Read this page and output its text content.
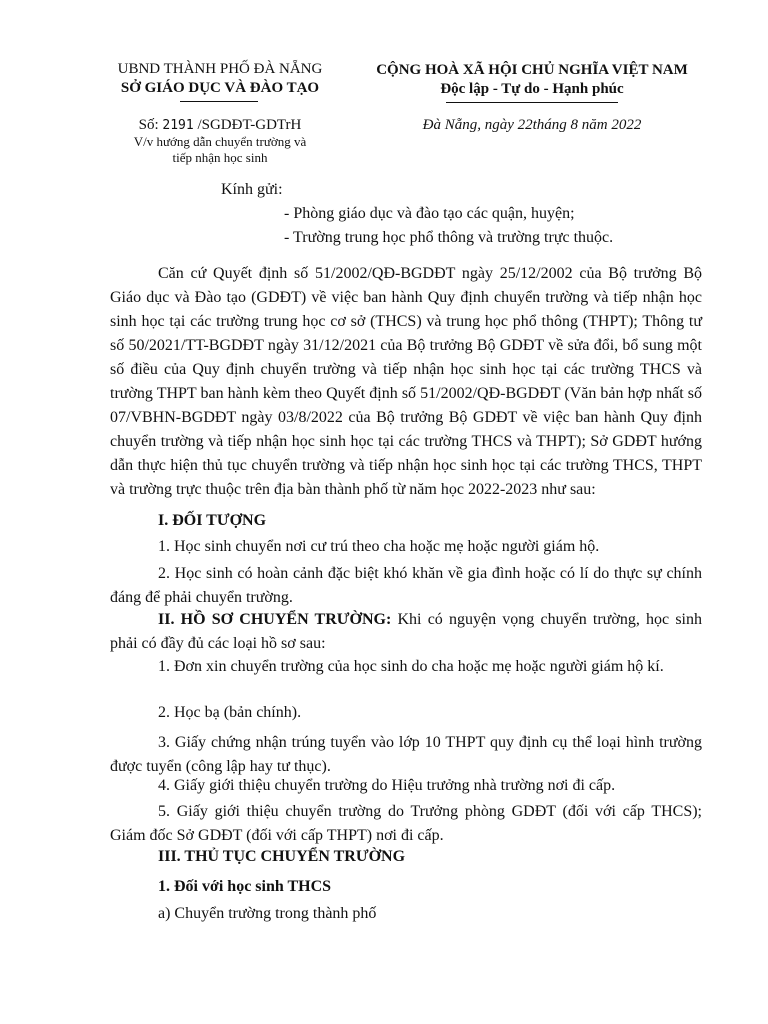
UBND THÀNH PHỐ ĐÀ NẴNG
SỞ GIÁO DỤC VÀ ĐÀO TẠO
Số: 2191 /SGDĐT-GDTrH
V/v hướng dẫn chuyển trường và
tiếp nhận học sinh
CỘNG HOÀ XÃ HỘI CHỦ NGHĨA VIỆT NAM
Độc lập - Tự do - Hạnh phúc
Đà Nẵng, ngày 22tháng 8 năm 2022
Kính gửi:
- Phòng giáo dục và đào tạo các quận, huyện;
- Trường trung học phổ thông và trường trực thuộc.
Căn cứ Quyết định số 51/2002/QĐ-BGDĐT ngày 25/12/2002 của Bộ trưởng Bộ Giáo dục và Đào tạo (GDĐT) về việc ban hành Quy định chuyển trường và tiếp nhận học sinh học tại các trường trung học cơ sở (THCS) và trung học phổ thông (THPT); Thông tư số 50/2021/TT-BGDĐT ngày 31/12/2021 của Bộ trưởng Bộ GDĐT về sửa đổi, bổ sung một số điều của Quy định chuyển trường và tiếp nhận học sinh học tại các trường THCS và trường THPT ban hành kèm theo Quyết định số 51/2002/QĐ-BGDĐT (Văn bản hợp nhất số 07/VBHN-BGDĐT ngày 03/8/2022 của Bộ trưởng Bộ GDĐT về việc ban hành Quy định chuyển trường và tiếp nhận học sinh học tại các trường THCS và THPT); Sở GDĐT hướng dẫn thực hiện thủ tục chuyển trường và tiếp nhận học sinh học tại các trường THCS, THPT và trường trực thuộc trên địa bàn thành phố từ năm học 2022-2023 như sau:
I. ĐỐI TƯỢNG
1. Học sinh chuyển nơi cư trú theo cha hoặc mẹ hoặc người giám hộ.
2. Học sinh có hoàn cảnh đặc biệt khó khăn về gia đình hoặc có lí do thực sự chính đáng để phải chuyển trường.
II. HỒ SƠ CHUYỂN TRƯỜNG: Khi có nguyện vọng chuyển trường, học sinh phải có đầy đủ các loại hồ sơ sau:
1. Đơn xin chuyển trường của học sinh do cha hoặc mẹ hoặc người giám hộ kí.
2. Học bạ (bản chính).
3. Giấy chứng nhận trúng tuyển vào lớp 10 THPT quy định cụ thể loại hình trường được tuyển (công lập hay tư thục).
4. Giấy giới thiệu chuyển trường do Hiệu trưởng nhà trường nơi đi cấp.
5. Giấy giới thiệu chuyển trường do Trưởng phòng GDĐT (đối với cấp THCS); Giám đốc Sở GDĐT (đối với cấp THPT) nơi đi cấp.
III. THỦ TỤC CHUYỂN TRƯỜNG
1. Đối với học sinh THCS
a) Chuyển trường trong thành phố
